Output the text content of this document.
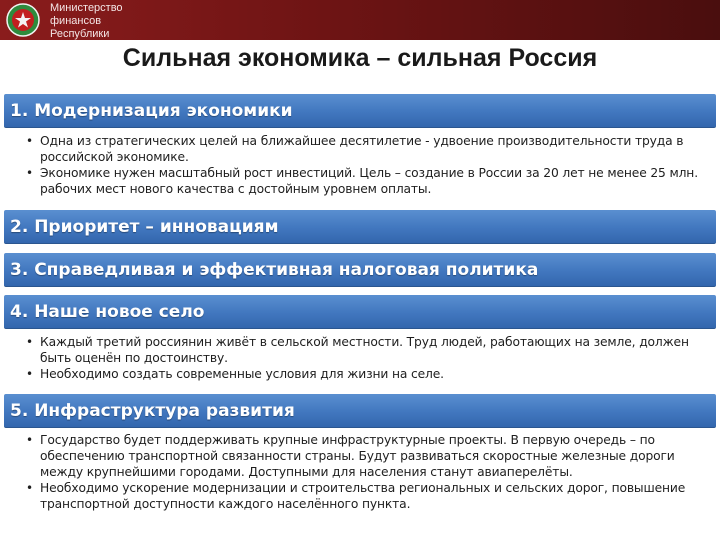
Министерство
финансов
Республики
Сильная экономика – сильная Россия
1. Модернизация экономики
• Одна из стратегических целей на ближайшее десятилетие - удвоение производительности труда в российской экономике.
• Экономике нужен масштабный рост инвестиций. Цель – создание в России за 20 лет не менее 25 млн. рабочих мест нового качества с достойным уровнем оплаты.
2. Приоритет – инновациям
3. Справедливая и эффективная налоговая политика
4. Наше новое село
• Каждый третий россиянин живёт в сельской местности. Труд людей, работающих на земле, должен быть оценён по достоинству.
• Необходимо создать современные условия для жизни на селе.
5. Инфраструктура развития
• Государство будет поддерживать крупные инфраструктурные проекты. В первую очередь – по обеспечению транспортной связанности страны. Будут развиваться скоростные железные дороги между крупнейшими городами. Доступными для населения станут авиаперелёты.
• Необходимо ускорение модернизации и строительства региональных и сельских дорог, повышение транспортной доступности каждого населённого пункта.
